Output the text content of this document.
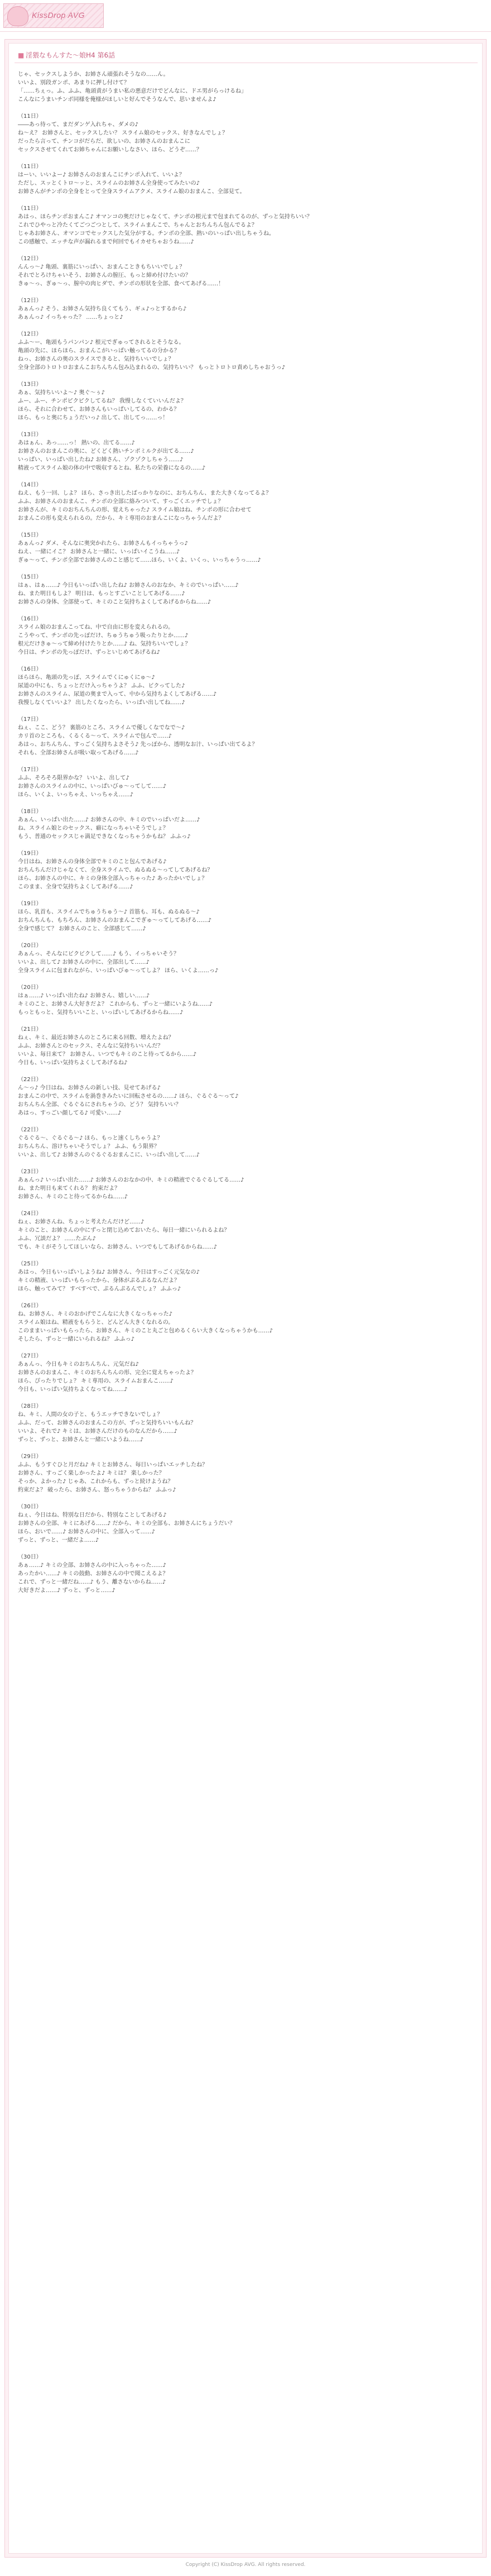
KissDrop AVG
■ 淫猥なもんすた〜娘H4 第6話

じゃ、セックスしようか、お姉さん頑張れそうなの……ん。
いいよ、別段ガンポ、あまりに押し付けて？
「……ちぇっ。ふ、ふふ、亀頭責がうまい私の悪意だけでどんなに、ドエ男がらっけるね」
こんなにうまいチンポ同様を俺様がほしいと好んでそうなんで、思いませんよ♪

（11日）
――あっ待って、まだダンゲ入れちゃ、ダメの♪
ね〜え？ お姉さんと、セックスしたい？ スライム娘のセックス、好きなんでしょ？
だったら言って、チンコがだらだ、欲しいの、お姉さんのおまんこに
セックスさせてくれてお姉ちゃんにお願いしなさい、ほら、どうぞ……？

（11日）
はーい、いいよー♪ お姉さんのおまんこにチンポ入れて、いいよ？
ただし、スッとくトロ〜ッと、スライムのお姉さん全身使ってみたいの♪
お姉さんがチンポの全身をとって全身スライムアクメ、スライム娘のおまんこ、全部見て。

（11日）
あはっ、ほらチンポおまんこ♪ オマンコの奥だけじゃなくて、チンポの根元まで包まれてるのが、ずっと気持ちいい？
これでひやっと冷たくてごつごつとして、スライムまんこで、ちゃんとおちんちん包んでるよ？
じゃあお姉さん、オマンコでセックスした気分がする。チンポの全部、熱いのいっぱい出しちゃうね。
この感触で、エッチな声が漏れるまで何回でもイカせちゃおうね……♪

（12日）
んんっ〜♪ 亀頭、裏筋にいっぱい、おまんこときもちいいでしょ？
それでとろけちゃいそう、お姉さんの膣圧、もっと締め付けたいの？
きゅ〜っ、ぎゅ〜っ、膣中の肉ヒダで、チンポの形状を全部、食べてあげる……！

（12日）
あぁんっ♪ そう、お姉さん気持ち良くてもう、ギュ♪っとするから♪
あぁんっ♪ イっちゃった？ ……ちょっと♪

（12日）
ふふ〜ー、亀頭もうパンパン♪ 根元でぎゅってされるとそうなる。
亀頭の先に、ほらほら、おまんこがいっぱい触ってるの分かる？
ねっ、お姉さんの奥のスライスできると、気持ちいいでしょ？
全身全部のトロトロおまんこおちんちん包み込まれるの、気持ちいい？ もっとトロトロ責めしちゃおうっ♪

（13日）
あぁ、気持ちいいよ〜♪ 奥ぐ〜ぅ♪
ふー、ふー、チンポピクピクしてるね？ 我慢しなくていいんだよ？
ほら、それに合わせて、お姉さんもいっぱいしてるの、わかる？
ほら、もっと奥にちょうだいっ♪ 出して、出してっ……っ！

（13日）
あはぁん、あっ……っ！ 熱いの、出てる……♪
お姉さんのおまんこの奥に、どくどく熱いチンポミルクが出てる……♪
いっぱい、いっぱい出したね♪ お姉さん、ゾクゾクしちゃう……♪
精液ってスライム娘の体の中で吸収するとね、私たちの栄養になるの……♪

（14日）
ねえ、もう一回、しよ？ ほら、さっき出したばっかりなのに、おちんちん、また大きくなってるよ？
ふふ、お姉さんのおまんこ、チンポの全部に絡みついて、すっごくエッチでしょ？
お姉さんが、キミのおちんちんの形、覚えちゃった♪ スライム娘はね、チンポの形に合わせて
おまんこの形も変えられるの。だから、キミ専用のおまんこになっちゃうんだよ？

（15日）
あぁんっ♪ ダメ、そんなに奥突かれたら、お姉さんもイっちゃうっ♪
ねえ、一緒にイこ？ お姉さんと一緒に、いっぱいイこうね……♪
ぎゅ〜って、チンポ全部でお姉さんのこと感じて……ほら、いくよ、いくっ、いっちゃうっ……♪

（15日）
はぁ、はぁ……♪ 今日もいっぱい出したね♪ お姉さんのおなか、キミのでいっぱい……♪
ね、また明日もしよ？ 明日は、もっとすごいことしてあげる……♪
お姉さんの身体、全部使って、キミのこと気持ちよくしてあげるからね……♪

（16日）
スライム娘のおまんこってね、中で自由に形を変えられるの。
こうやって、チンポの先っぽだけ、ちゅうちゅう吸ったりとか……♪
根元だけきゅ〜って締め付けたりとか……♪ ね、気持ちいいでしょ？
今日は、チンポの先っぽだけ、ずっといじめてあげるね♪

（16日）
ほらほら、亀頭の先っぽ、スライムでくにゅくにゅ〜♪
尿道の中にも、ちょっとだけ入っちゃうよ？ ふふ、ビクってした♪
お姉さんのスライム、尿道の奥まで入って、中から気持ちよくしてあげる……♪
我慢しなくていいよ？ 出したくなったら、いっぱい出してね……♪

（17日）
ねぇ、ここ、どう？ 裏筋のところ、スライムで優しくなでなで〜♪
カリ首のところも、くるくる〜って、スライムで包んで……♪
あはっ、おちんちん、すっごく気持ちよさそう♪ 先っぽから、透明なお汁、いっぱい出てるよ？
それも、全部お姉さんが吸い取ってあげる……♪

（17日）
ふふ、そろそろ限界かな？ いいよ、出して♪
お姉さんのスライムの中に、いっぱいびゅ〜ってして……♪
ほら、いくよ、いっちゃえ、いっちゃえ……♪

（18日）
あぁん、いっぱい出た……♪ お姉さんの中、キミのでいっぱいだよ……♪
ね、スライム娘とのセックス、癖になっちゃいそうでしょ？
もう、普通のセックスじゃ満足できなくなっちゃうかもね？ ふふっ♪

（19日）
今日はね、お姉さんの身体全部でキミのこと包んであげる♪
おちんちんだけじゃなくて、全身スライムで、ぬるぬる〜ってしてあげるね？
ほら、お姉さんの中に、キミの身体全部入っちゃった♪ あったかいでしょ？
このまま、全身で気持ちよくしてあげる……♪

（19日）
ほら、乳首も、スライムでちゅうちゅう〜♪ 首筋も、耳も、ぬるぬる〜♪
おちんちんも、もちろん、お姉さんのおまんこでぎゅ〜ってしてあげる……♪
全身で感じて？ お姉さんのこと、全部感じて……♪

（20日）
あぁんっ、そんなにビクビクして……♪ もう、イっちゃいそう？
いいよ、出して♪ お姉さんの中に、全部出して……♪
全身スライムに包まれながら、いっぱいびゅ〜ってしよ？ ほら、いくよ……っ♪

（20日）
はぁ……♪ いっぱい出たね♪ お姉さん、嬉しい……♪
キミのこと、お姉さん大好きだよ？ これからも、ずっと一緒にいようね……♪
もっともっと、気持ちいいこと、いっぱいしてあげるからね……♪

（21日）
ねぇ、キミ、最近お姉さんのところに来る回数、増えたよね？
ふふ、お姉さんとのセックス、そんなに気持ちいいんだ？
いいよ、毎日来て？ お姉さん、いつでもキミのこと待ってるから……♪
今日も、いっぱい気持ちよくしてあげるね♪

（22日）
ん〜っ♪ 今日はね、お姉さんの新しい技、見せてあげる♪
おまんこの中で、スライムを渦巻きみたいに回転させるの……♪ ほら、ぐるぐる〜って♪
おちんちん全部、ぐるぐるにされちゃうの、どう？ 気持ちいい？
あはっ、すっごい顔してる♪ 可愛い……♪

（22日）
ぐるぐる〜、ぐるぐる〜♪ ほら、もっと速くしちゃうよ？
おちんちん、溶けちゃいそうでしょ？ ふふ、もう限界？
いいよ、出して♪ お姉さんのぐるぐるおまんこに、いっぱい出して……♪

（23日）
あぁんっ♪ いっぱい出た……♪ お姉さんのおなかの中、キミの精液でぐるぐるしてる……♪
ね、また明日も来てくれる？ 約束だよ？
お姉さん、キミのこと待ってるからね……♪

（24日）
ねぇ、お姉さんね、ちょっと考えたんだけど……♪
キミのこと、お姉さんの中にずっと閉じ込めておいたら、毎日一緒にいられるよね？
ふふ、冗談だよ？ ……たぶん♪
でも、キミがそうしてほしいなら、お姉さん、いつでもしてあげるからね……♪

（25日）
あはっ、今日もいっぱいしようね♪ お姉さん、今日はすっごく元気なの♪
キミの精液、いっぱいもらったから、身体がぷるぷるなんだよ？
ほら、触ってみて？ すべすべで、ぷるんぷるんでしょ？ ふふっ♪

（26日）
ね、お姉さん、キミのおかげでこんなに大きくなっちゃった♪
スライム娘はね、精液をもらうと、どんどん大きくなれるの。
このままいっぱいもらったら、お姉さん、キミのこと丸ごと包めるくらい大きくなっちゃうかも……♪
そしたら、ずっと一緒にいられるね？ ふふっ♪

（27日）
あぁんっ、今日もキミのおちんちん、元気だね♪
お姉さんのおまんこ、キミのおちんちんの形、完全に覚えちゃったよ？
ほら、ぴったりでしょ？ キミ専用の、スライムおまんこ……♪
今日も、いっぱい気持ちよくなってね……♪

（28日）
ね、キミ、人間の女の子と、もうエッチできないでしょ？
ふふ、だって、お姉さんのおまんこの方が、ずっと気持ちいいもんね？
いいよ、それで♪ キミは、お姉さんだけのものなんだから……♪
ずっと、ずっと、お姉さんと一緒にいようね……♪

（29日）
ふふ、もうすぐひと月だね♪ キミとお姉さん、毎日いっぱいエッチしたね？
お姉さん、すっごく楽しかったよ♪ キミは？ 楽しかった？
そっか、よかった♪ じゃあ、これからも、ずっと続けようね？
約束だよ？ 破ったら、お姉さん、怒っちゃうからね？ ふふっ♪

（30日）
ねぇ、今日はね、特別な日だから、特別なことしてあげる♪
お姉さんの全部、キミにあげる……♪ だから、キミの全部も、お姉さんにちょうだい？
ほら、おいで……♪ お姉さんの中に、全部入って……♪
ずっと、ずっと、一緒だよ……♪

（30日）
あぁ……♪ キミの全部、お姉さんの中に入っちゃった……♪
あったかい……♪ キミの鼓動、お姉さんの中で聞こえるよ？
これで、ずっと一緒だね……♪ もう、離さないからね……♪
大好きだよ……♪ ずっと、ずっと……♪

Copyright (C) KissDrop AVG. All rights reserved.
